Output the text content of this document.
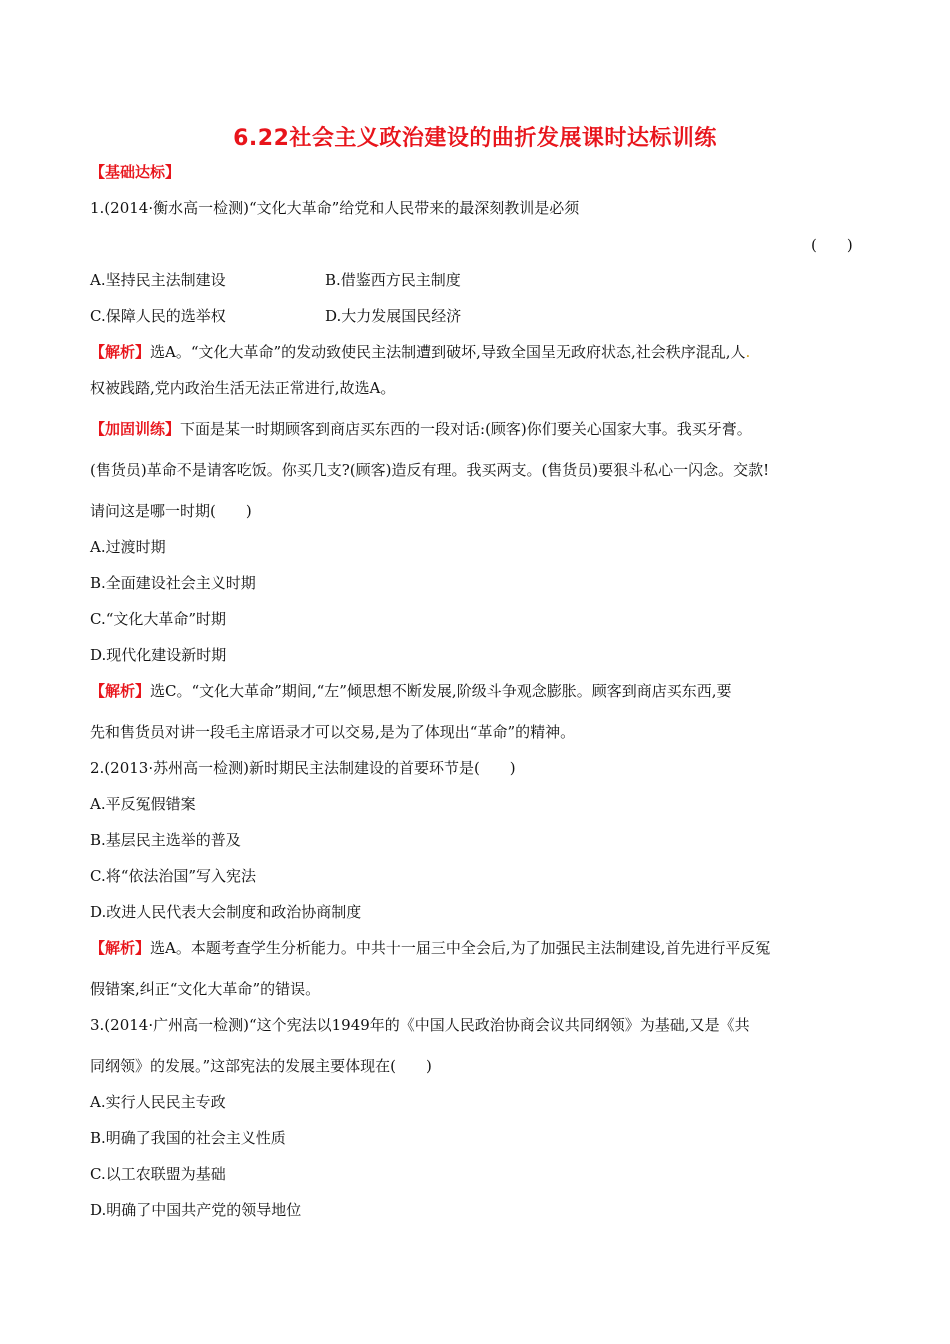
6.22社会主义政治建设的曲折发展课时达标训练
【基础达标】
1.(2014·衡水高一检测)“文化大革命”给党和人民带来的最深刻教训是必须
(　　)
A.坚持民主法制建设	B.借鉴西方民主制度
C.保障人民的选举权	D.大力发展国民经济
【解析】选A。“文化大革命”的发动致使民主法制遭到破坏,导致全国呈无政府状态,社会秩序混乱,人.
权被践踏,党内政治生活无法正常进行,故选A。
【加固训练】下面是某一时期顾客到商店买东西的一段对话:(顾客)你们要关心国家大事。我买牙膏。
(售货员)革命不是请客吃饭。你买几支?(顾客)造反有理。我买两支。(售货员)要狠斗私心一闪念。交款!
请问这是哪一时期(　　)
A.过渡时期
B.全面建设社会主义时期
C.“文化大革命”时期
D.现代化建设新时期
【解析】选C。“文化大革命”期间,“左”倾思想不断发展,阶级斗争观念膨胀。顾客到商店买东西,要
先和售货员对讲一段毛主席语录才可以交易,是为了体现出“革命”的精神。
2.(2013·苏州高一检测)新时期民主法制建设的首要环节是(　　)
A.平反冤假错案
B.基层民主选举的普及
C.将“依法治国”写入宪法
D.改进人民代表大会制度和政治协商制度
【解析】选A。本题考查学生分析能力。中共十一届三中全会后,为了加强民主法制建设,首先进行平反冤
假错案,纠正“文化大革命”的错误。
3.(2014·广州高一检测)“这个宪法以1949年的《中国人民政治协商会议共同纲领》为基础,又是《共
同纲领》的发展。”这部宪法的发展主要体现在(　　)
A.实行人民民主专政
B.明确了我国的社会主义性质
C.以工农联盟为基础
D.明确了中国共产党的领导地位
